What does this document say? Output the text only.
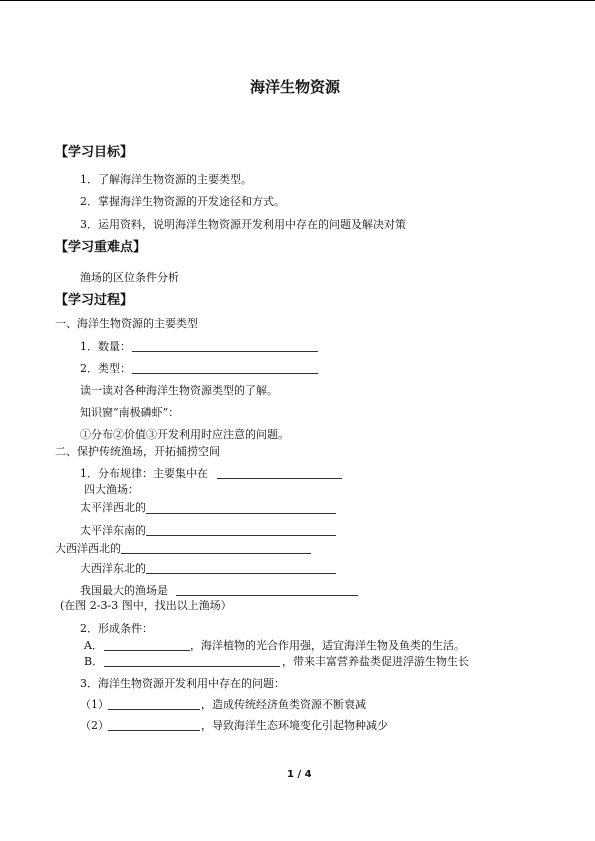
海洋生物资源
【学习目标】
1．了解海洋生物资源的主要类型。
2．掌握海洋生物资源的开发途径和方式。
3．运用资料，说明海洋生物资源开发利用中存在的问题及解决对策
【学习重难点】
渔场的区位条件分析
【学习过程】
一、海洋生物资源的主要类型
1．数量：
2．类型：
读一读对各种海洋生物资源类型的了解。
知识窗“南极磷虾”：
①分布②价值③开发利用时应注意的问题。
二、保护传统渔场，开拓捕捞空间
1．分布规律：主要集中在
四大渔场：
太平洋西北的
太平洋东南的
大西洋西北的
大西洋东北的
我国最大的渔场是
(在图 2-3-3 图中，找出以上渔场）
2．形成条件：
A．	，海洋植物的光合作用强，适宜海洋生物及鱼类的生活。
B．	，带来丰富营养盐类促进浮游生物生长
3．海洋生物资源开发利用中存在的问题：
（1）	，造成传统经济鱼类资源不断衰减
（2）	，导致海洋生态环境变化引起物种减少
1 / 4
